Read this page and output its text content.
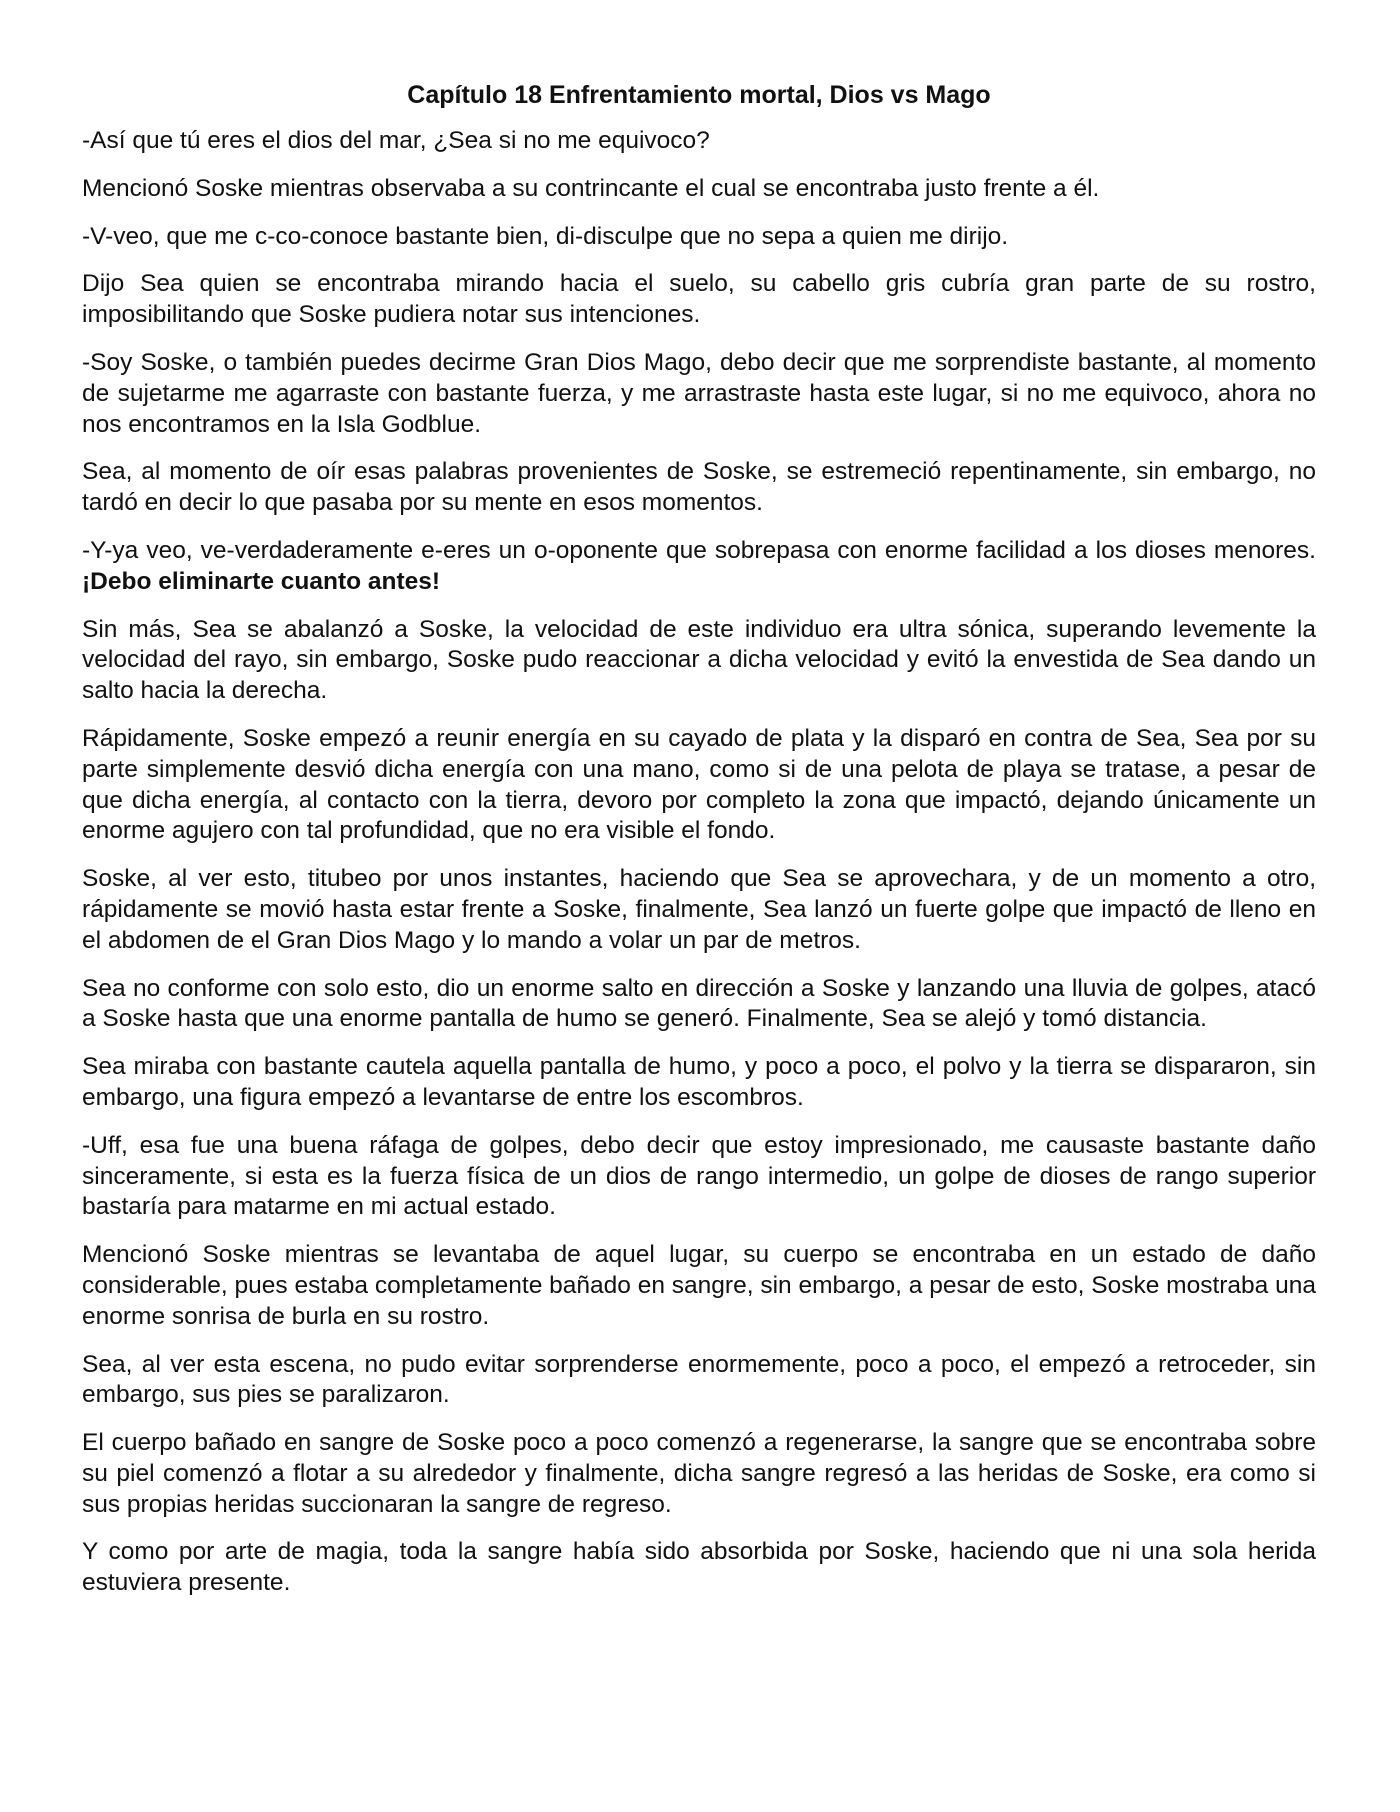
Capítulo 18 Enfrentamiento mortal, Dios vs Mago

-Así que tú eres el dios del mar, ¿Sea si no me equivoco?

Mencionó Soske mientras observaba a su contrincante el cual se encontraba justo frente a él.

-V-veo, que me c-co-conoce bastante bien, di-disculpe que no sepa a quien me dirijo.

Dijo Sea quien se encontraba mirando hacia el suelo, su cabello gris cubría gran parte de su rostro, imposibilitando que Soske pudiera notar sus intenciones.

-Soy Soske, o también puedes decirme Gran Dios Mago, debo decir que me sorprendiste bastante, al momento de sujetarme me agarraste con bastante fuerza, y me arrastraste hasta este lugar, si no me equivoco, ahora no nos encontramos en la Isla Godblue.

Sea, al momento de oír esas palabras provenientes de Soske, se estremeció repentinamente, sin embargo, no tardó en decir lo que pasaba por su mente en esos momentos.

-Y-ya veo, ve-verdaderamente e-eres un o-oponente que sobrepasa con enorme facilidad a los dioses menores. ¡Debo eliminarte cuanto antes!

Sin más, Sea se abalanzó a Soske, la velocidad de este individuo era ultra sónica, superando levemente la velocidad del rayo, sin embargo, Soske pudo reaccionar a dicha velocidad y evitó la envestida de Sea dando un salto hacia la derecha.

Rápidamente, Soske empezó a reunir energía en su cayado de plata y la disparó en contra de Sea, Sea por su parte simplemente desvió dicha energía con una mano, como si de una pelota de playa se tratase, a pesar de que dicha energía, al contacto con la tierra, devoro por completo la zona que impactó, dejando únicamente un enorme agujero con tal profundidad, que no era visible el fondo.

Soske, al ver esto, titubeo por unos instantes, haciendo que Sea se aprovechara, y de un momento a otro, rápidamente se movió hasta estar frente a Soske, finalmente, Sea lanzó un fuerte golpe que impactó de lleno en el abdomen de el Gran Dios Mago y lo mando a volar un par de metros.

Sea no conforme con solo esto, dio un enorme salto en dirección a Soske y lanzando una lluvia de golpes, atacó a Soske hasta que una enorme pantalla de humo se generó. Finalmente, Sea se alejó y tomó distancia.

Sea miraba con bastante cautela aquella pantalla de humo, y poco a poco, el polvo y la tierra se dispararon, sin embargo, una figura empezó a levantarse de entre los escombros.

-Uff, esa fue una buena ráfaga de golpes, debo decir que estoy impresionado, me causaste bastante daño sinceramente, si esta es la fuerza física de un dios de rango intermedio, un golpe de dioses de rango superior bastaría para matarme en mi actual estado.

Mencionó Soske mientras se levantaba de aquel lugar, su cuerpo se encontraba en un estado de daño considerable, pues estaba completamente bañado en sangre, sin embargo, a pesar de esto, Soske mostraba una enorme sonrisa de burla en su rostro.

Sea, al ver esta escena, no pudo evitar sorprenderse enormemente, poco a poco, el empezó a retroceder, sin embargo, sus pies se paralizaron.

El cuerpo bañado en sangre de Soske poco a poco comenzó a regenerarse, la sangre que se encontraba sobre su piel comenzó a flotar a su alrededor y finalmente, dicha sangre regresó a las heridas de Soske, era como si sus propias heridas succionaran la sangre de regreso.

Y como por arte de magia, toda la sangre había sido absorbida por Soske, haciendo que ni una sola herida estuviera presente.
